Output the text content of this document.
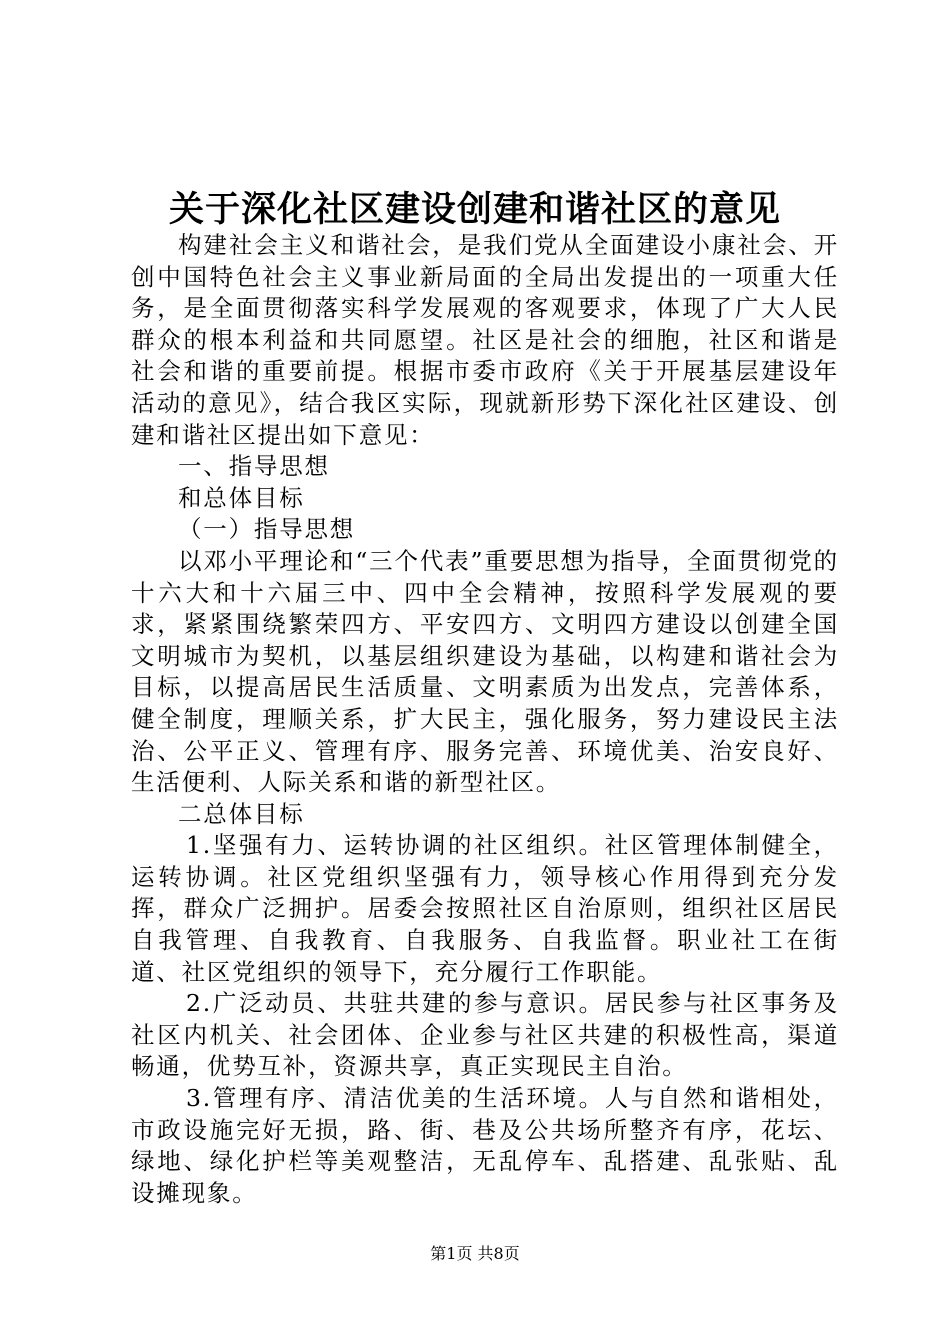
关于深化社区建设创建和谐社区的意见

构建社会主义和谐社会，是我们党从全面建设小康社会、开创中国特色社会主义事业新局面的全局出发提出的一项重大任务，是全面贯彻落实科学发展观的客观要求，体现了广大人民群众的根本利益和共同愿望。社区是社会的细胞，社区和谐是社会和谐的重要前提。根据市委市政府《关于开展基层建设年活动的意见》，结合我区实际，现就新形势下深化社区建设、创建和谐社区提出如下意见：

一、指导思想

和总体目标

（一）指导思想

以邓小平理论和“三个代表”重要思想为指导，全面贯彻党的十六大和十六届三中、四中全会精神，按照科学发展观的要求，紧紧围绕繁荣四方、平安四方、文明四方建设以创建全国文明城市为契机，以基层组织建设为基础，以构建和谐社会为目标，以提高居民生活质量、文明素质为出发点，完善体系，健全制度，理顺关系，扩大民主，强化服务，努力建设民主法治、公平正义、管理有序、服务完善、环境优美、治安良好、生活便利、人际关系和谐的新型社区。

二总体目标

1.坚强有力、运转协调的社区组织。社区管理体制健全，运转协调。社区党组织坚强有力，领导核心作用得到充分发挥，群众广泛拥护。居委会按照社区自治原则，组织社区居民自我管理、自我教育、自我服务、自我监督。职业社工在街道、社区党组织的领导下，充分履行工作职能。

2.广泛动员、共驻共建的参与意识。居民参与社区事务及社区内机关、社会团体、企业参与社区共建的积极性高，渠道畅通，优势互补，资源共享，真正实现民主自治。

3.管理有序、清洁优美的生活环境。人与自然和谐相处，市政设施完好无损，路、街、巷及公共场所整齐有序，花坛、绿地、绿化护栏等美观整洁，无乱停车、乱搭建、乱张贴、乱设摊现象。

第1页 共8页
